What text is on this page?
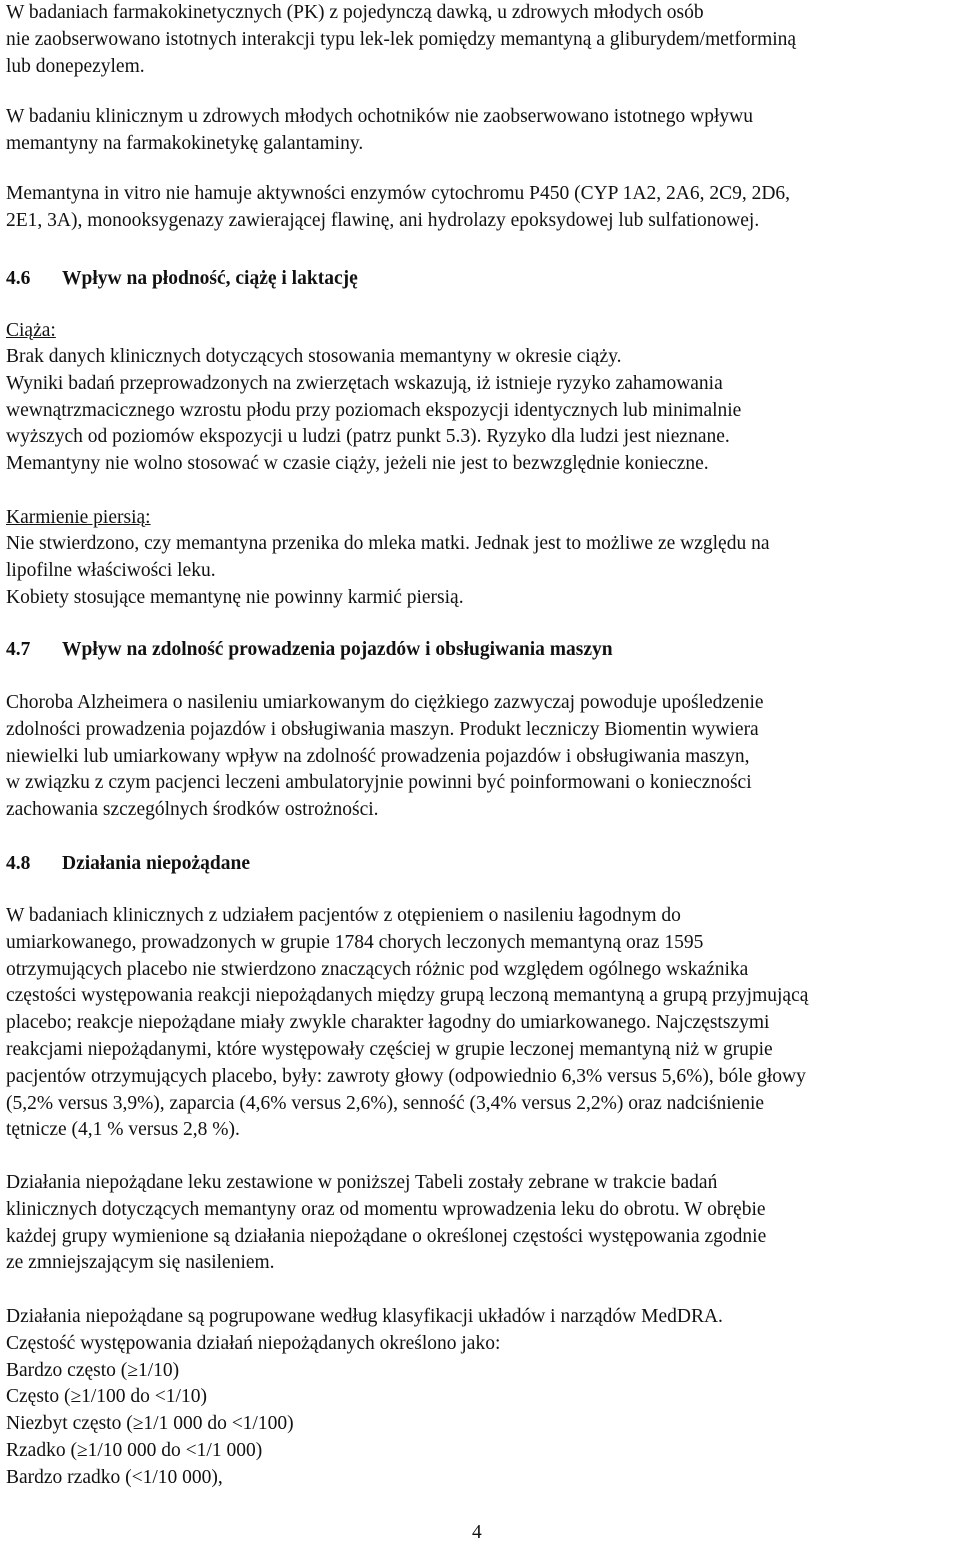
W badaniach farmakokinetycznych (PK) z pojedynczą dawką, u zdrowych młodych osób
nie zaobserwowano istotnych interakcji typu lek-lek pomiędzy memantyną a gliburydem/metforminą
lub donepezylem.

W badaniu klinicznym u zdrowych młodych ochotników nie zaobserwowano istotnego wpływu
memantyny na farmakokinetykę galantaminy.

Memantyna in vitro nie hamuje aktywności enzymów cytochromu P450 (CYP 1A2, 2A6, 2C9, 2D6,
2E1, 3A), monooksygenazy zawierającej flawinę, ani hydrolazy epoksydowej lub sulfationowej.

4.6 Wpływ na płodność, ciążę i laktację

Ciąża:

Brak danych klinicznych dotyczących stosowania memantyny w okresie ciąży.
Wyniki badań przeprowadzonych na zwierzętach wskazują, iż istnieje ryzyko zahamowania
wewnątrzmacicznego wzrostu płodu przy poziomach ekspozycji identycznych lub minimalnie
wyższych od poziomów ekspozycji u ludzi (patrz punkt 5.3). Ryzyko dla ludzi jest nieznane.
Memantyny nie wolno stosować w czasie ciąży, jeżeli nie jest to bezwzględnie konieczne.

Karmienie piersią:

Nie stwierdzono, czy memantyna przenika do mleka matki. Jednak jest to możliwe ze względu na
lipofilne właściwości leku.
Kobiety stosujące memantynę nie powinny karmić piersią.

4.7 Wpływ na zdolność prowadzenia pojazdów i obsługiwania maszyn

Choroba Alzheimera o nasileniu umiarkowanym do ciężkiego zazwyczaj powoduje upośledzenie
zdolności prowadzenia pojazdów i obsługiwania maszyn. Produkt leczniczy Biomentin wywiera
niewielki lub umiarkowany wpływ na zdolność prowadzenia pojazdów i obsługiwania maszyn,
w związku z czym pacjenci leczeni ambulatoryjnie powinni być poinformowani o konieczności
zachowania szczególnych środków ostrożności.

4.8 Działania niepożądane

W badaniach klinicznych z udziałem pacjentów z otępieniem o nasileniu łagodnym do
umiarkowanego, prowadzonych w grupie 1784 chorych leczonych memantyną oraz 1595
otrzymujących placebo nie stwierdzono znaczących różnic pod względem ogólnego wskaźnika
częstości występowania reakcji niepożądanych między grupą leczoną memantyną a grupą przyjmującą
placebo; reakcje niepożądane miały zwykle charakter łagodny do umiarkowanego. Najczęstszymi
reakcjami niepożądanymi, które występowały częściej w grupie leczonej memantyną niż w grupie
pacjentów otrzymujących placebo, były: zawroty głowy (odpowiednio 6,3% versus 5,6%), bóle głowy
(5,2% versus 3,9%), zaparcia (4,6% versus 2,6%), senność (3,4% versus 2,2%) oraz nadciśnienie
tętnicze (4,1 % versus 2,8 %).

Działania niepożądane leku zestawione w poniższej Tabeli zostały zebrane w trakcie badań
klinicznych dotyczących memantyny oraz od momentu wprowadzenia leku do obrotu. W obrębie
każdej grupy wymienione są działania niepożądane o określonej częstości występowania zgodnie
ze zmniejszającym się nasileniem.

Działania niepożądane są pogrupowane według klasyfikacji układów i narządów MedDRA.
Częstość występowania działań niepożądanych określono jako:
Bardzo często (≥1/10)
Często (≥1/100 do <1/10)
Niezbyt często (≥1/1 000 do <1/100)
Rzadko (≥1/10 000 do <1/1 000)
Bardzo rzadko (<1/10 000),

4
